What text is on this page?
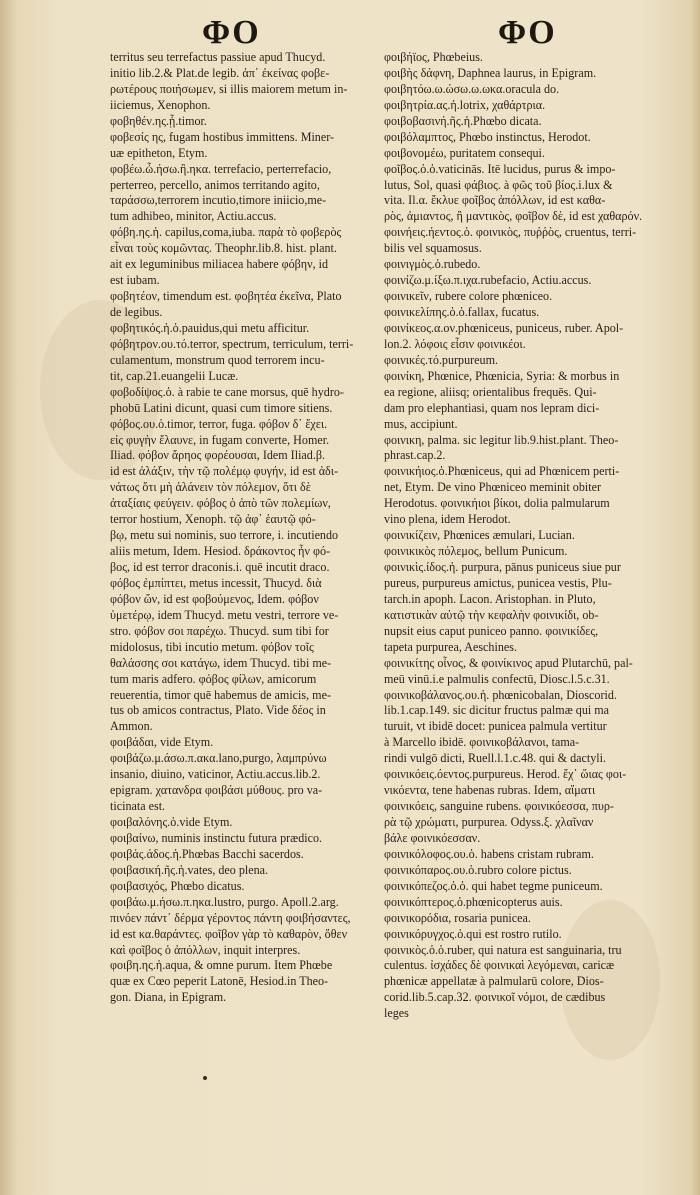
ΦΟ	ΦΟ
territus seu terrefactus passiue apud Thucyd.
initio lib.2.& Plat.de legib. ἀπ᾽ ἐκείνας φοβε-
ρωτέρους ποιήσωμεν, si illis maiorem metum in-
iiciemus, Xenophon.
φοβηθέν.ης.ᾗ.timor.
φοβεσίς ης, fugam hostibus immittens. Miner-
uæ epitheton, Etym.
φοβέω.ὦ.ήσω.ἢ.ηκα. terrefacio, perterrefacio,
perterreo, percello, animos territando agito,
ταράσσω,terrorem incutio,timore iniicio,me-
tum adhibeo, minitor, Actiu.accus.
φόβη.ης.ἡ. capilus,coma,iuba. παρὰ τὸ φοβερὸς
εἶναι τοὺς κομῶντας. Theophr.lib.8. hist. plant.
ait ex leguminibus miliacea habere φόβην, id
est iubam.
φοβητέον, timendum est. φοβητέα ἐκεῖνα, Plato
de legibus.
φοβητικός.ἡ.ὁ.pauidus,qui metu afficitur.
φόβητρον.ου.τό.terror, spectrum, terriculum, terri-
culamentum, monstrum quod terrorem incu-
tit, cap.21.euangelii Lucæ.
φοβοδίψος.ὁ. à rabie te cane morsus, quē hydro-
phobū Latini dicunt, quasi cum timore sitiens.
φόβος.ου.ὁ.timor, terror, fuga. φόβον δ᾽ ἔχει.
εἰς φυγὴν ἔλαυνε, in fugam converte, Homer.
Iliad. φόβον ἄρηος φορέουσαι, Idem Iliad.β.
id est ἀλάξιν, τὴν τῷ πολέμῳ φυγήν, id est ἀδι-
νάτως ὅτι μὴ ἀλάνειν τὸν πόλεμον, ὅτι δὲ
ἀταξίαις φεύγειν. φόβος ὁ ἀπὸ τῶν πολεμίων,
terror hostium, Xenoph. τῷ ἀφ᾽ ἑαυτῷ φό-
βῳ, metu sui nominis, suo terrore, i. incutiendo
aliis metum, Idem. Hesiod. δράκοντος ἦν φό-
βος, id est terror draconis.i. quē incutit draco.
φόβος ἐμπίπτει, metus incessit, Thucyd. διὰ
φόβον ὤν, id est φοβούμενος, Idem. φόβον
ὑμετέρῳ, idem Thucyd. metu vestri, terrore ve-
stro. φόβον σοι παρέχω. Thucyd. sum tibi for
midolosus, tibi incutio metum. φόβον τοῖς
θαλάσσης σοι κατάγω, idem Thucyd. tibi me-
tum maris adfero. φόβος φίλων, amicorum
reuerentia, timor quē habemus de amicis, me-
tus ob amicos contractus, Plato. Vide δέος in
Ammon.
φοιβάδαι, vide Etym.
φοιβάζω.μ.άσω.π.ακα.lano,purgo, λαμπρύνω
insanio, diuino, vaticinor, Actiu.accus.lib.2.
epigram. χατανδρα φοιβάσι μύθους. pro va-
ticinata est.
φοιβαλόνης.ὁ.vide Etym.
φοιβαίνω, numinis instinctu futura prædico.
φοιβάς.άδος.ἡ.Phœbas Bacchi sacerdos.
φοιβασική.ῆς.ἡ.vates, deo plena.
φοιβασιχός, Phœbo dicatus.
φοιβάω.μ.ήσω.π.ηκα.lustro, purgo. Apoll.2.arg.
πινόεν πάντ᾽ δέρμα γέροντος πάντη φοιβήσαντες,
id est κα.θαράντες. φοῖβον γὰρ τὸ καθαρὸν, ὅθεν
καὶ φοῖβος ὁ ἀπόλλων, inquit interpres.
φοιβη.ης.ἡ.aqua, & omne purum. Item Phœbe
quæ ex Cœo peperit Latonē, Hesiod.in Theo-
gon. Diana, in Epigram.
φοιβήϊος, Phœbeius.
φοιβὴς δάφνη, Daphnea laurus, in Epigram.
φοιβητόω.ω.ώσω.ω.ωκα.oracula do.
φοιβητρία.ας.ἡ.lotrix, χαθάρτρια.
φοιβοβασινή.ῆς.ἡ.Phœbo dicata.
φοιβόλαμπτος, Phœbo instinctus, Herodot.
φοιβονομέω, puritatem consequi.
φοῖβος.ὁ.ὁ.vaticinās. Itē lucidus, purus & impo-
lutus, Sol, quasi φάβιος. à φῶς τοῦ βίος.i.lux &
vita. Il.α. ἔκλυε φοῖβος ἀπόλλων, id est καθα-
ρὸς, ἀμιαντος, ἢ μαντικὸς, φοῖβον δὲ, id est χαθαρόν.
φοινήεις.ήεντος.ὁ. φοινικὸς, πυῤῥὸς, cruentus, terri-
bilis vel squamosus.
φοινιγμὸς.ὁ.rubedo.
φοινίζω.μ.ίξω.π.ιχα.rubefacio, Actiu.accus.
φοινικεῖν, rubere colore phœniceo.
φοινικελίπης.ὁ.ὁ.fallax, fucatus.
φοινίκεος.α.ον.phœniceus, puniceus, ruber. Apol-
lon.2. λόφοις εἶσιν φοινικέοι.
φοινικές.τό.purpureum.
φοινίκη, Phœnice, Phœnicia, Syria: & morbus in
ea regione, aliisq; orientalibus frequēs. Qui-
dam pro elephantiasi, quam nos lepram dici-
mus, accipiunt.
φοινικη, palma. sic legitur lib.9.hist.plant. Theo-
phrast.cap.2.
φοινικήιος.ὁ.Phœniceus, qui ad Phœnicem perti-
net, Etym. De vino Phœniceo meminit obiter
Herodotus. φοινικήιοι βίκοι, dolia palmularum
vino plena, idem Herodot.
φοινικίζειν, Phœnices æmulari, Lucian.
φοινικικὸς πόλεμος, bellum Punicum.
φοινικὶς.ίδος.ἡ. purpura, pānus puniceus siue pur
pureus, purpureus amictus, punicea vestis, Plu-
tarch.in apoph. Lacon. Aristophan. in Pluto,
κατιστικὰν αὐτῷ τὴν κεφαλὴν φοινικίδι, ob-
nupsit eius caput puniceo panno. φοινικίδες,
tapeta purpurea, Aeschines.
φοινικίτης οἶνος, & φοινίκινος apud Plutarchū, pal-
meū vinū.i.e palmulis confectū, Diosc.l.5.c.31.
φοινικοβάλανος.ου.ἡ. phœnicobalan, Dioscorid.
lib.1.cap.149. sic dicitur fructus palmæ qui ma
turuit, vt ibidē docet: punicea palmula vertitur
à Marcello ibidē. φοινικοβάλανοι, tama-
rindi vulgō dicti, Ruell.l.1.c.48. qui & dactyli.
φοινικόεις.όεντος.purpureus. Herod. ἔχ᾽ ὤιας φοι-
νικόεντα, tene habenas rubras. Idem, αἵματι
φοινικόεις, sanguine rubens. φοινικόεσσα, πυρ-
ρὰ τῷ χρώματι, purpurea. Odyss.ξ. χλαῖναν
βάλε φοινικόεσσαν.
φοινικόλοφος.ου.ὁ. habens cristam rubram.
φοινικόπαρος.ου.ὁ.rubro colore pictus.
φοινικόπεζος.ὁ.ὁ. qui habet tegme puniceum.
φοινικόπτερος.ὁ.phœnicopterus auis.
φοινικορόδια, rosaria punicea.
φοινικόρυγχος.ὁ.qui est rostro rutilo.
φοινικὸς.ὁ.ὁ.ruber, qui natura est sanguinaria, tru
culentus. ἰσχάδες δὲ φοινικαὶ λεγόμεναι, caricæ
phœnicæ appellatæ à palmularū colore, Dios-
corid.lib.5.cap.32. φοινικοῖ νόμοι, de cædibus
leges
